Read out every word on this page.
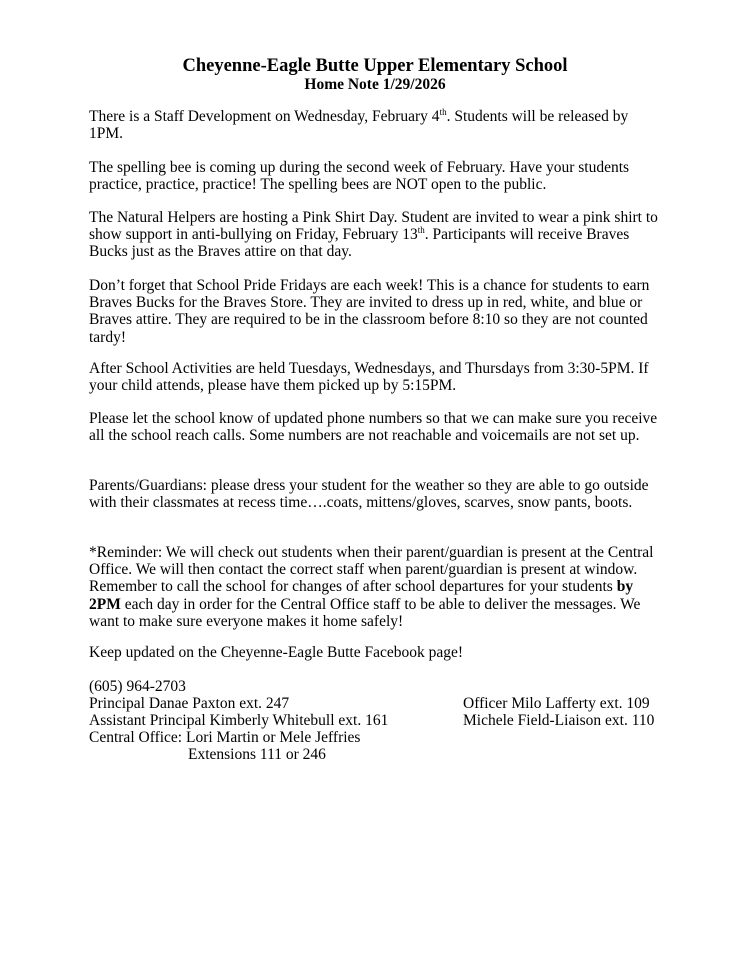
Cheyenne-Eagle Butte Upper Elementary School
Home Note 1/29/2026

There is a Staff Development on Wednesday, February 4th. Students will be released by 1PM.

The spelling bee is coming up during the second week of February. Have your students practice, practice, practice! The spelling bees are NOT open to the public.

The Natural Helpers are hosting a Pink Shirt Day. Student are invited to wear a pink shirt to show support in anti-bullying on Friday, February 13th. Participants will receive Braves Bucks just as the Braves attire on that day.

Don’t forget that School Pride Fridays are each week! This is a chance for students to earn Braves Bucks for the Braves Store. They are invited to dress up in red, white, and blue or Braves attire. They are required to be in the classroom before 8:10 so they are not counted tardy!

After School Activities are held Tuesdays, Wednesdays, and Thursdays from 3:30-5PM. If your child attends, please have them picked up by 5:15PM.

Please let the school know of updated phone numbers so that we can make sure you receive all the school reach calls. Some numbers are not reachable and voicemails are not set up.

Parents/Guardians: please dress your student for the weather so they are able to go outside with their classmates at recess time….coats, mittens/gloves, scarves, snow pants, boots.

*Reminder: We will check out students when their parent/guardian is present at the Central Office. We will then contact the correct staff when parent/guardian is present at window. Remember to call the school for changes of after school departures for your students by 2PM each day in order for the Central Office staff to be able to deliver the messages. We want to make sure everyone makes it home safely!

Keep updated on the Cheyenne-Eagle Butte Facebook page!

(605) 964-2703
Principal Danae Paxton ext. 247
Assistant Principal Kimberly Whitebull ext. 161
Central Office: Lori Martin or Mele Jeffries
Extensions 111 or 246
Officer Milo Lafferty ext. 109
Michele Field-Liaison ext. 110
